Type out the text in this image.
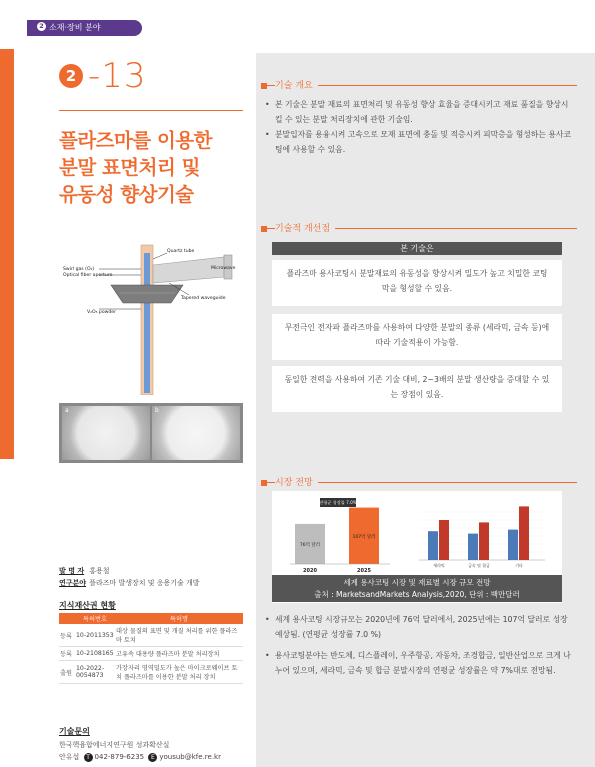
2 소재·장비 분야
2 -13
플라즈마를 이용한
분말 표면처리 및
유동성 향상기술
Swirl gas (O₂)
Optical fiber aperture
Quartz tube
Microwave
Tapered waveguide
V₂O₅ powder
a	b
발 명 자 홍용철
연구분야 플라즈마 발생장치 및 응용기술 개발
지식재산권 현황
	특허번호	특허명
등록	10-2011353	대상 물질의 표면 및 개질 처리를 위한 플라즈마 토치
등록	10-2108165	고유속 대용량 플라즈마 분말 처리장치
출원	10-2022-0054873	가장자리 영역밀도가 높은 마이크로웨이브 토치 플라즈마를 이용한 분말 처리 장치
기술문의
한국핵융합에너지연구원 성과확산실
안유섭 T 042-879-6235 E yousub@kfe.re.kr
기술 개요
• 본 기술은 분말 재료의 표면처리 및 유동성 향상 효율을 증대시키고 재료 품질을 향상시킬 수 있는 분말 처리장치에 관한 기술임.
• 분말입자를 용융시켜 고속으로 모재 표면에 충돌 및 적층시켜 피막층을 형성하는 용사코팅에 사용할 수 있음.
기술적 개선점
본 기술은
플라즈마 용사코팅시 분말재료의 유동성을 향상시켜 밀도가 높고 치밀한 코팅막을 형성할 수 있음.
무전극인 전자파 플라즈마를 사용하여 다양한 분말의 종류 (세라믹, 금속 등)에 따라 기술적용이 가능함.
동일한 전력을 사용하여 기존 기술 대비, 2~3배의 분말 생산량을 증대할 수 있는 장점이 있음.
시장 전망
76억 달러
2020
107억 달러
2025
연평균 성장률 7.0%
세라믹	금속 및 합금	기타
세계 용사코팅 시장 및 재료별 시장 규모 전망
출처 : MarketsandMarkets Analysis,2020, 단위 : 백만달러
• 세계 용사코팅 시장규모는 2020년에 76억 달러에서, 2025년에는 107억 달러로 성장 예상됨. (연평균 성장률 7.0 %)
• 용사코팅분야는 반도체, 디스플레이, 우주항공, 자동차, 조경합금, 일반산업으로 크게 나누어 있으며, 세라믹, 금속 및 합금 분말시장의 연평균 성장률은 약 7%대로 전망됨.
